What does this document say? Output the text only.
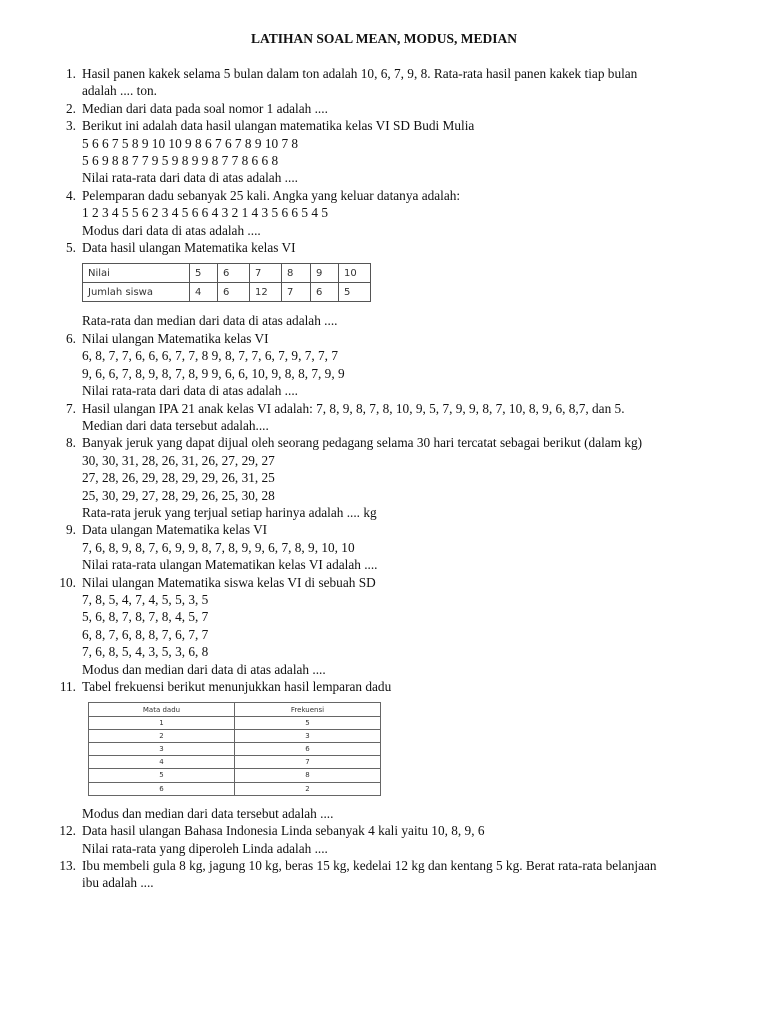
LATIHAN SOAL MEAN, MODUS, MEDIAN
1. Hasil panen kakek selama 5 bulan dalam ton adalah 10, 6, 7, 9, 8. Rata-rata hasil panen kakek tiap bulan
adalah .... ton.
2. Median dari data pada soal nomor 1 adalah ....
3. Berikut ini adalah data hasil ulangan matematika kelas VI SD Budi Mulia
5 6 6 7 5 8 9 10 10 9 8 6 7 6 7 8 9 10 7 8
5 6 9 8 8 7 7 9 5 9 8 9 9 8 7 7 8 6 6 8
Nilai rata-rata dari data di atas adalah ....
4. Pelemparan dadu sebanyak 25 kali. Angka yang keluar datanya adalah:
1 2 3 4 5 5 6 2 3 4 5 6 6 4 3 2 1 4 3 5 6 6 5 4 5
Modus dari data di atas adalah ....
5. Data hasil ulangan Matematika kelas VI
Nilai	5	6	7	8	9	10
Jumlah siswa	4	6	12	7	6	5
Rata-rata dan median dari data di atas adalah ....
6. Nilai ulangan Matematika kelas VI
6, 8, 7, 7, 6, 6, 6, 7, 7, 8 9, 8, 7, 7, 6, 7, 9, 7, 7, 7
9, 6, 6, 7, 8, 9, 8, 7, 8, 9 9, 6, 6, 10, 9, 8, 8, 7, 9, 9
Nilai rata-rata dari data di atas adalah ....
7. Hasil ulangan IPA 21 anak kelas VI adalah: 7, 8, 9, 8, 7, 8, 10, 9, 5, 7, 9, 9, 8, 7, 10, 8, 9, 6, 8,7, dan 5.
Median dari data tersebut adalah....
8. Banyak jeruk yang dapat dijual oleh seorang pedagang selama 30 hari tercatat sebagai berikut (dalam kg)
30, 30, 31, 28, 26, 31, 26, 27, 29, 27
27, 28, 26, 29, 28, 29, 29, 26, 31, 25
25, 30, 29, 27, 28, 29, 26, 25, 30, 28
Rata-rata jeruk yang terjual setiap harinya adalah .... kg
9. Data ulangan Matematika kelas VI
7, 6, 8, 9, 8, 7, 6, 9, 9, 8, 7, 8, 9, 9, 6, 7, 8, 9, 10, 10
Nilai rata-rata ulangan Matematikan kelas VI adalah ....
10. Nilai ulangan Matematika siswa kelas VI di sebuah SD
7, 8, 5, 4, 7, 4, 5, 5, 3, 5
5, 6, 8, 7, 8, 7, 8, 4, 5, 7
6, 8, 7, 6, 8, 8, 7, 6, 7, 7
7, 6, 8, 5, 4, 3, 5, 3, 6, 8
Modus dan median dari data di atas adalah ....
11. Tabel frekuensi berikut menunjukkan hasil lemparan dadu
Mata dadu	Frekuensi
1	5
2	3
3	6
4	7
5	8
6	2
Modus dan median dari data tersebut adalah ....
12. Data hasil ulangan Bahasa Indonesia Linda sebanyak 4 kali yaitu 10, 8, 9, 6
Nilai rata-rata yang diperoleh Linda adalah ....
13. Ibu membeli gula 8 kg, jagung 10 kg, beras 15 kg, kedelai 12 kg dan kentang 5 kg. Berat rata-rata belanjaan
ibu adalah ....
